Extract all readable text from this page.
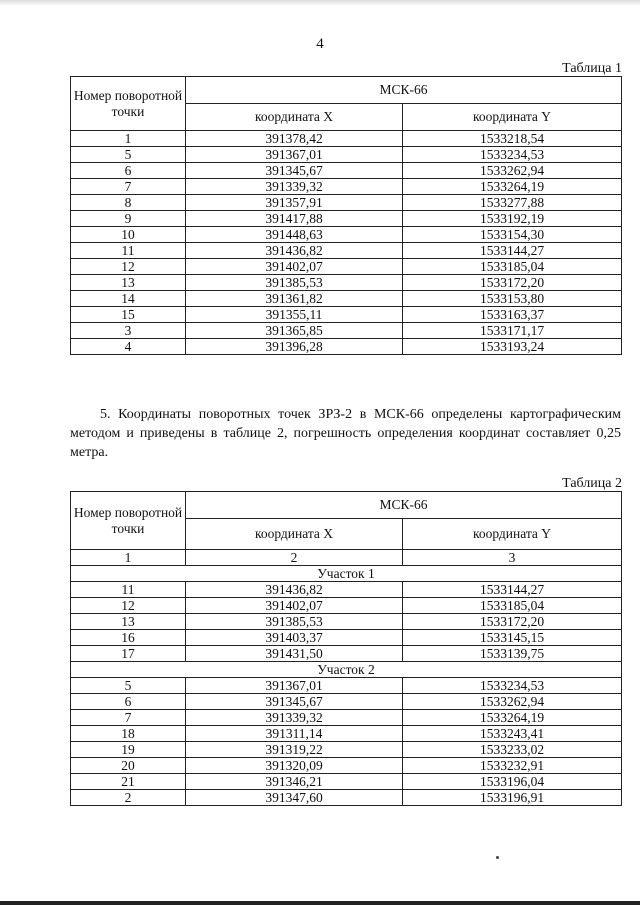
4
Таблица 1
Номер поворотной точки	МСК-66	
	координата X	координата Y
1	391378,42	1533218,54
5	391367,01	1533234,53
6	391345,67	1533262,94
7	391339,32	1533264,19
8	391357,91	1533277,88
9	391417,88	1533192,19
10	391448,63	1533154,30
11	391436,82	1533144,27
12	391402,07	1533185,04
13	391385,53	1533172,20
14	391361,82	1533153,80
15	391355,11	1533163,37
3	391365,85	1533171,17
4	391396,28	1533193,24
5. Координаты поворотных точек ЗРЗ-2 в МСК-66 определены картографическим методом и приведены в таблице 2, погрешность определения координат составляет 0,25 метра.
Таблица 2
Номер поворотной точки	МСК-66	
	координата X	координата Y
1	2	3
Участок 1		
11	391436,82	1533144,27
12	391402,07	1533185,04
13	391385,53	1533172,20
16	391403,37	1533145,15
17	391431,50	1533139,75
Участок 2		
5	391367,01	1533234,53
6	391345,67	1533262,94
7	391339,32	1533264,19
18	391311,14	1533243,41
19	391319,22	1533233,02
20	391320,09	1533232,91
21	391346,21	1533196,04
2	391347,60	1533196,91
